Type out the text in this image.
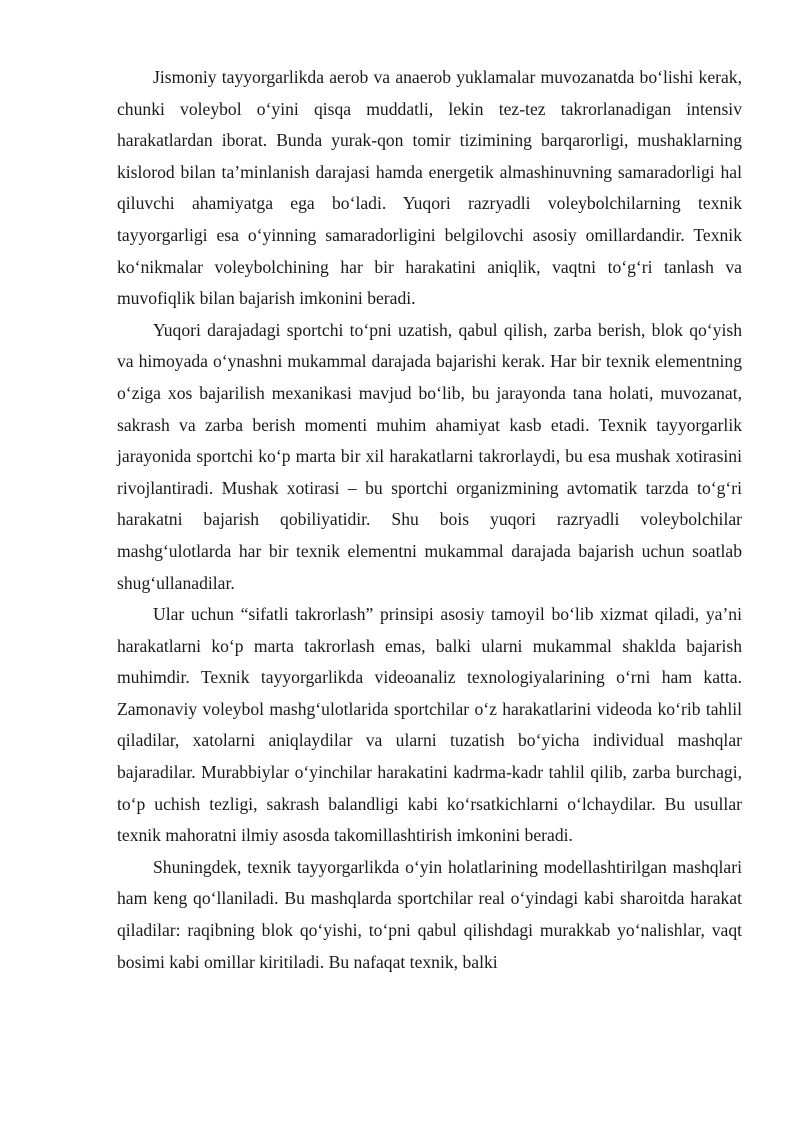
Jismoniy tayyorgarlikda aerob va anaerob yuklamalar muvozanatda bo‘lishi kerak, chunki voleybol o‘yini qisqa muddatli, lekin tez-tez takrorlanadigan intensiv harakatlardan iborat. Bunda yurak-qon tomir tizimining barqarorligi, mushaklarning kislorod bilan ta’minlanish darajasi hamda energetik almashinuvning samaradorligi hal qiluvchi ahamiyatga ega bo‘ladi. Yuqori razryadli voleybolchilarning texnik tayyorgarligi esa o‘yinning samaradorligini belgilovchi asosiy omillardandir. Texnik ko‘nikmalar voleybolchining har bir harakatini aniqlik, vaqtni to‘g‘ri tanlash va muvofiqlik bilan bajarish imkonini beradi.

Yuqori darajadagi sportchi to‘pni uzatish, qabul qilish, zarba berish, blok qo‘yish va himoyada o‘ynashni mukammal darajada bajarishi kerak. Har bir texnik elementning o‘ziga xos bajarilish mexanikasi mavjud bo‘lib, bu jarayonda tana holati, muvozanat, sakrash va zarba berish momenti muhim ahamiyat kasb etadi. Texnik tayyorgarlik jarayonida sportchi ko‘p marta bir xil harakatlarni takrorlaydi, bu esa mushak xotirasini rivojlantiradi. Mushak xotirasi – bu sportchi organizmining avtomatik tarzda to‘g‘ri harakatni bajarish qobiliyatidir. Shu bois yuqori razryadli voleybolchilar mashg‘ulotlarda har bir texnik elementni mukammal darajada bajarish uchun soatlab shug‘ullanadilar.

Ular uchun “sifatli takrorlash” prinsipi asosiy tamoyil bo‘lib xizmat qiladi, ya’ni harakatlarni ko‘p marta takrorlash emas, balki ularni mukammal shaklda bajarish muhimdir. Texnik tayyorgarlikda videoanaliz texnologiyalarining o‘rni ham katta. Zamonaviy voleybol mashg‘ulotlarida sportchilar o‘z harakatlarini videoda ko‘rib tahlil qiladilar, xatolarni aniqlaydilar va ularni tuzatish bo‘yicha individual mashqlar bajaradilar. Murabbiylar o‘yinchilar harakatini kadrma-kadr tahlil qilib, zarba burchagi, to‘p uchish tezligi, sakrash balandligi kabi ko‘rsatkichlarni o‘lchaydilar. Bu usullar texnik mahoratni ilmiy asosda takomillashtirish imkonini beradi.

Shuningdek, texnik tayyorgarlikda o‘yin holatlarining modellashtirilgan mashqlari ham keng qo‘llaniladi. Bu mashqlarda sportchilar real o‘yindagi kabi sharoitda harakat qiladilar: raqibning blok qo‘yishi, to‘pni qabul qilishdagi murakkab yo‘nalishlar, vaqt bosimi kabi omillar kiritiladi. Bu nafaqat texnik, balki
